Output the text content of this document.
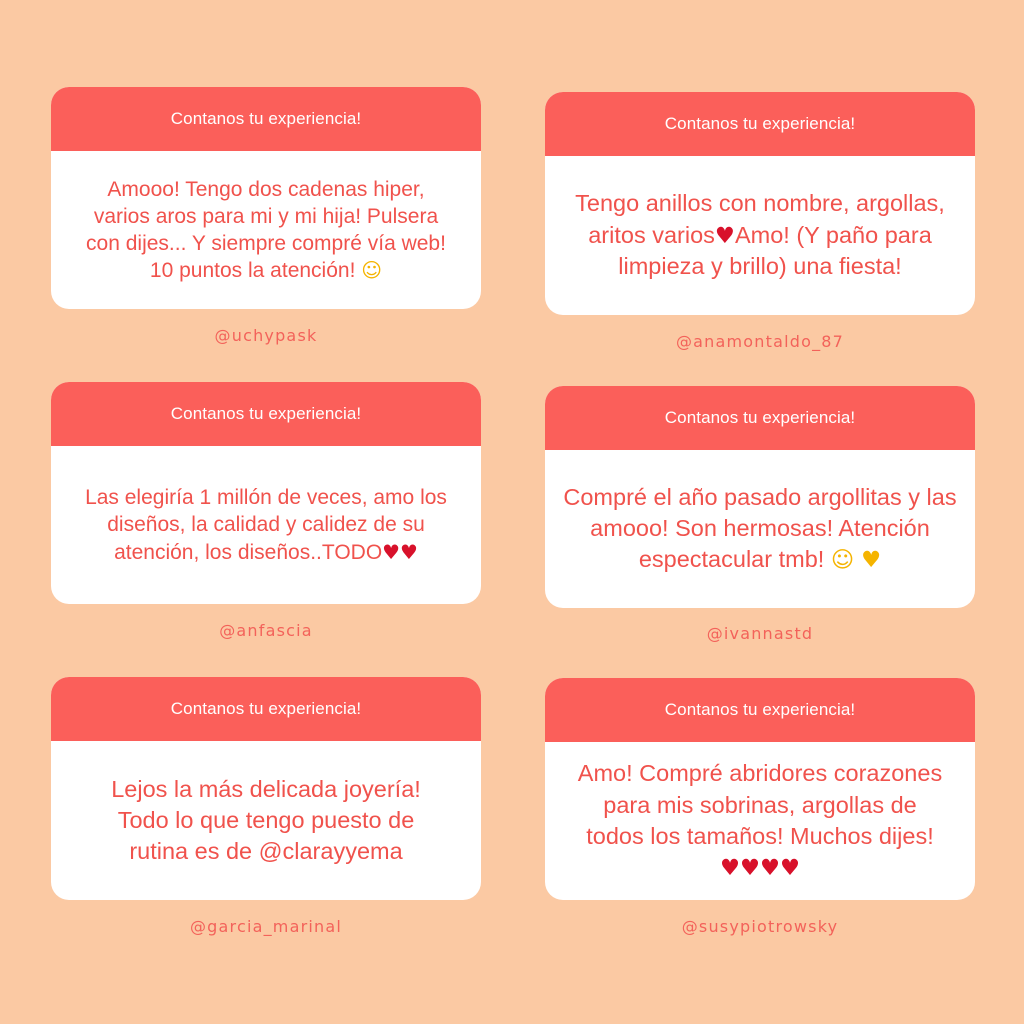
Contanos tu experiencia!
Amooo! Tengo dos cadenas hiper, varios aros para mi y mi hija! Pulsera con dijes... Y siempre compré vía web! 10 puntos la atención! ☺
@uchypask
Contanos tu experiencia!
Tengo anillos con nombre, argollas, aritos varios♥Amo! (Y paño para limpieza y brillo) una fiesta!
@anamontaldo_87
Contanos tu experiencia!
Las elegiría 1 millón de veces, amo los diseños, la calidad y calidez de su atención, los diseños..TODO♥♥
@anfascia
Contanos tu experiencia!
Compré el año pasado argollitas y las amooo! Son hermosas! Atención espectacular tmb! ☺ ♥
@ivannastd
Contanos tu experiencia!
Lejos la más delicada joyería! Todo lo que tengo puesto de rutina es de @clarayyema
@garcia_marinal
Contanos tu experiencia!
Amo! Compré abridores corazones para mis sobrinas, argollas de todos los tamaños! Muchos dijes! ♥♥♥♥
@susypiotrowsky
